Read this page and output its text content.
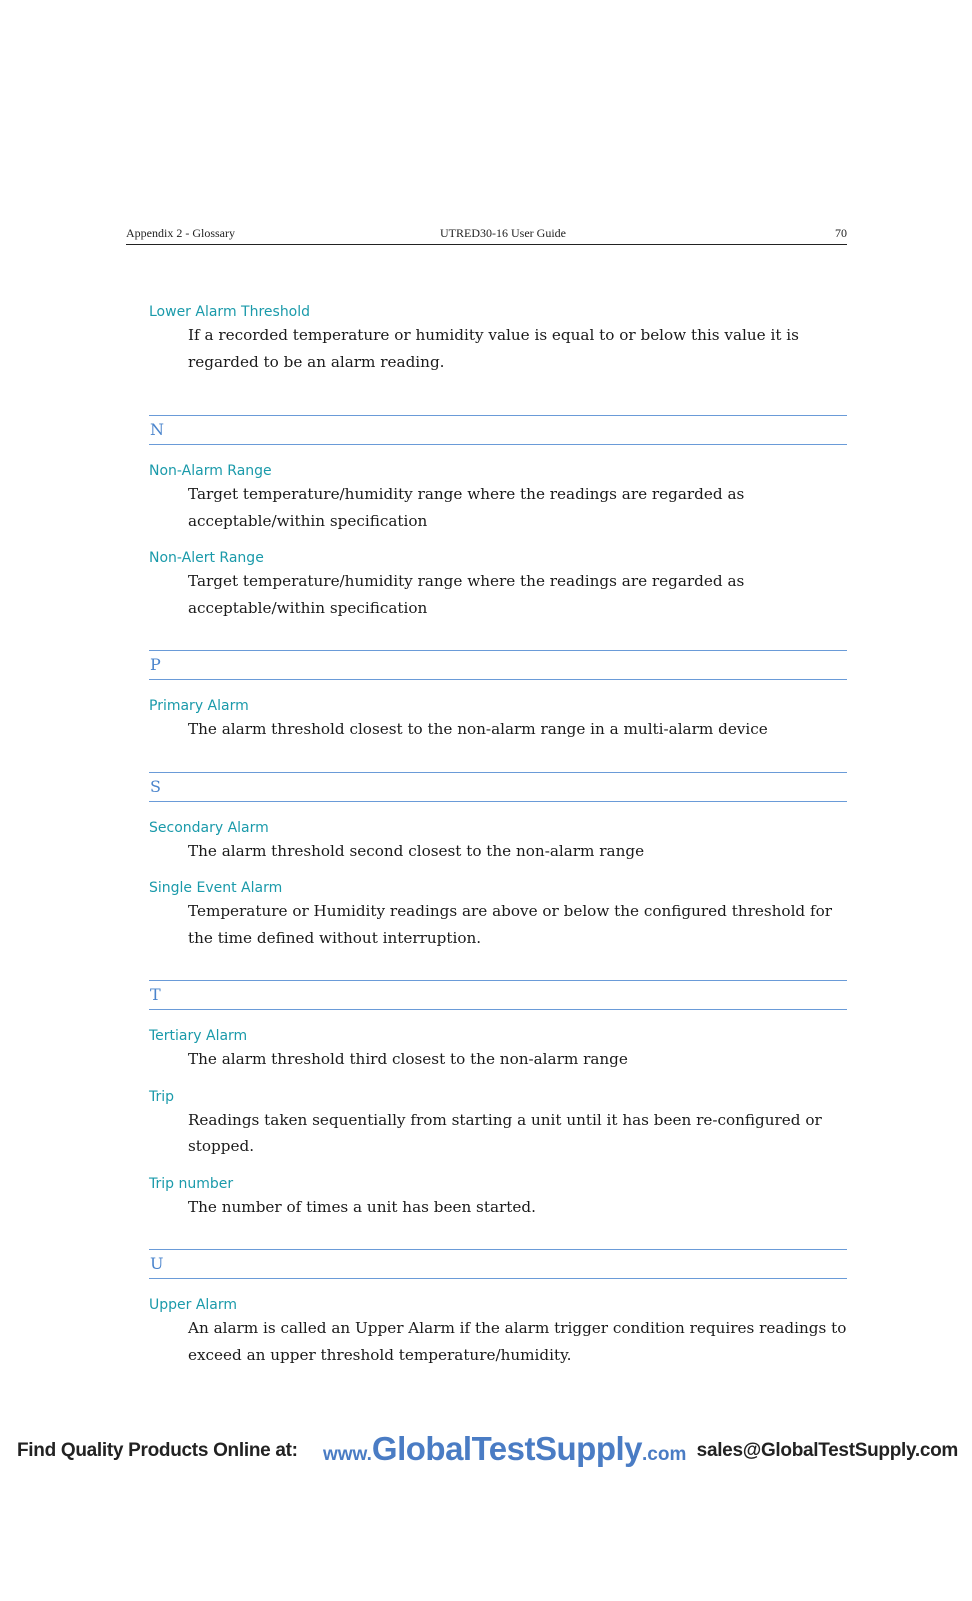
Appendix 2 - Glossary	UTRED30-16 User Guide	70
Lower Alarm Threshold
If a recorded temperature or humidity value is equal to or below this value it is regarded to be an alarm reading.
N
Non-Alarm Range
Target temperature/humidity range where the readings are regarded as acceptable/within specification
Non-Alert Range
Target temperature/humidity range where the readings are regarded as acceptable/within specification
P
Primary Alarm
The alarm threshold closest to the non-alarm range in a multi-alarm device
S
Secondary Alarm
The alarm threshold second closest to the non-alarm range
Single Event Alarm
Temperature or Humidity readings are above or below the configured threshold for the time defined without interruption.
T
Tertiary Alarm
The alarm threshold third closest to the non-alarm range
Trip
Readings taken sequentially from starting a unit until it has been re-configured or stopped.
Trip number
The number of times a unit has been started.
U
Upper Alarm
An alarm is called an Upper Alarm if the alarm trigger condition requires readings to exceed an upper threshold temperature/humidity.
Find Quality Products Online at: www.GlobalTestSupply.com sales@GlobalTestSupply.com
